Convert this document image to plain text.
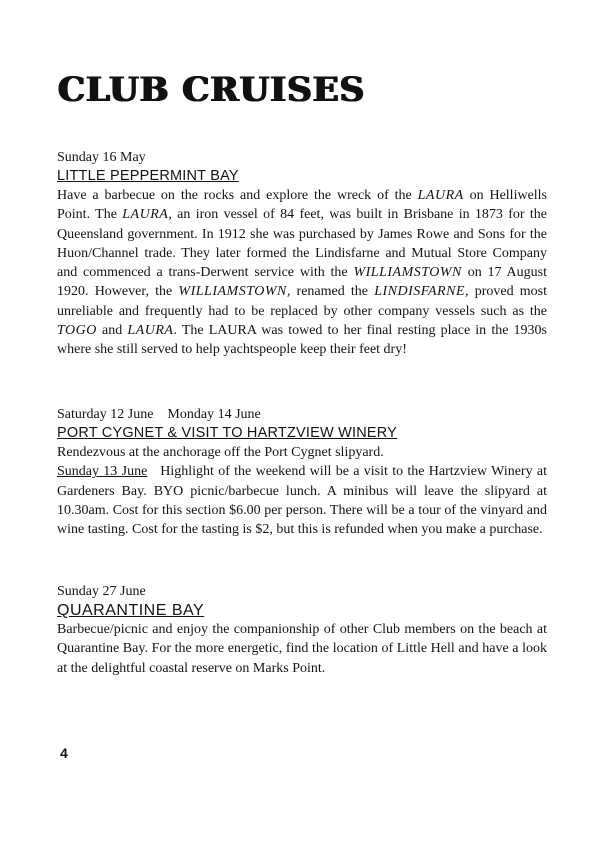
CLUB CRUISES
Sunday 16 May
LITTLE PEPPERMINT BAY

Have a barbecue on the rocks and explore the wreck of the LAURA on Helliwells Point. The LAURA, an iron vessel of 84 feet, was built in Brisbane in 1873 for the Queensland government. In 1912 she was purchased by James Rowe and Sons for the Huon/Channel trade. They later formed the Lindisfarne and Mutual Store Company and commenced a trans-Derwent service with the WILLIAMSTOWN on 17 August 1920. However, the WILLIAMSTOWN, renamed the LINDISFARNE, proved most unreliable and frequently had to be replaced by other company vessels such as the TOGO and LAURA. The LAURA was towed to her final resting place in the 1930s where she still served to help yachtspeople keep their feet dry!

Saturday 12 June    Monday 14 June
PORT CYGNET & VISIT TO HARTZVIEW WINERY

Rendezvous at the anchorage off the Port Cygnet slipyard.

Sunday 13 June Highlight of the weekend will be a visit to the Hartzview Winery at Gardeners Bay. BYO picnic/barbecue lunch. A minibus will leave the slipyard at 10.30am. Cost for this section $6.00 per person. There will be a tour of the vinyard and wine tasting. Cost for the tasting is $2, but this is refunded when you make a purchase.

Sunday 27 June
QUARANTINE BAY

Barbecue/picnic and enjoy the companionship of other Club members on the beach at Quarantine Bay. For the more energetic, find the location of Little Hell and have a look at the delightful coastal reserve on Marks Point.

4
